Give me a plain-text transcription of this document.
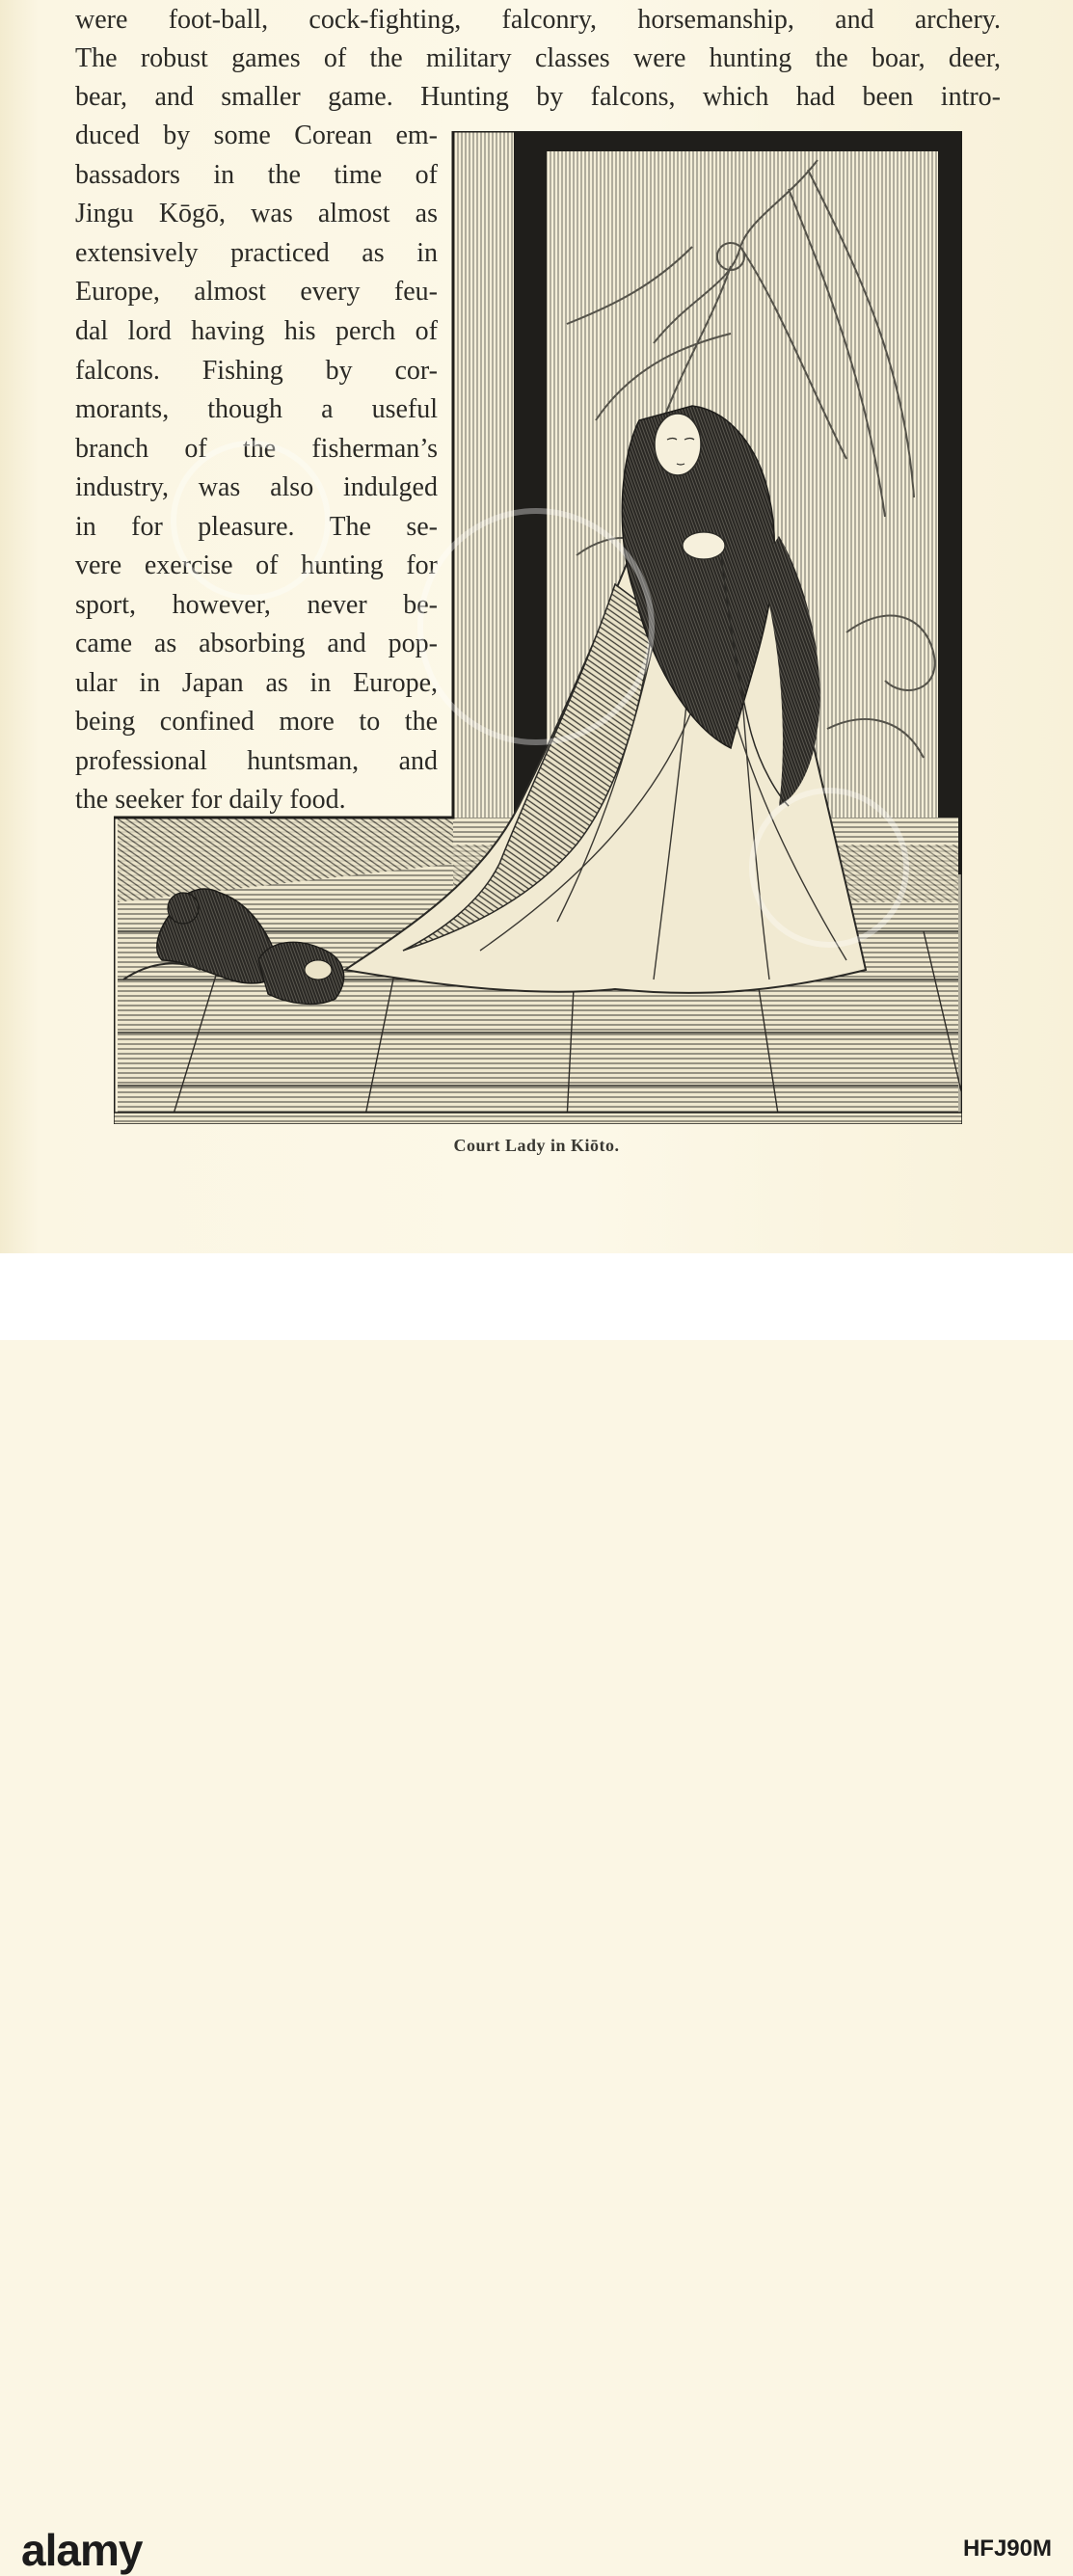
were foot-ball, cock-fighting, falconry, horsemanship, and archery.
The robust games of the military classes were hunting the boar, deer,
bear, and smaller game. Hunting by falcons, which had been intro-
duced by some Corean em-
bassadors in the time of
Jingu Kōgō, was almost as
extensively practiced as in
Europe, almost every feu-
dal lord having his perch of
falcons. Fishing by cor-
morants, though a useful
branch of the fisherman’s
industry, was also indulged
in for pleasure. The se-
vere exercise of hunting for
sport, however, never be-
came as absorbing and pop-
ular in Japan as in Europe,
being confined more to the
professional huntsman, and
the seeker for daily food.
Court Lady in Kiōto.
alamy	HFJ90M
